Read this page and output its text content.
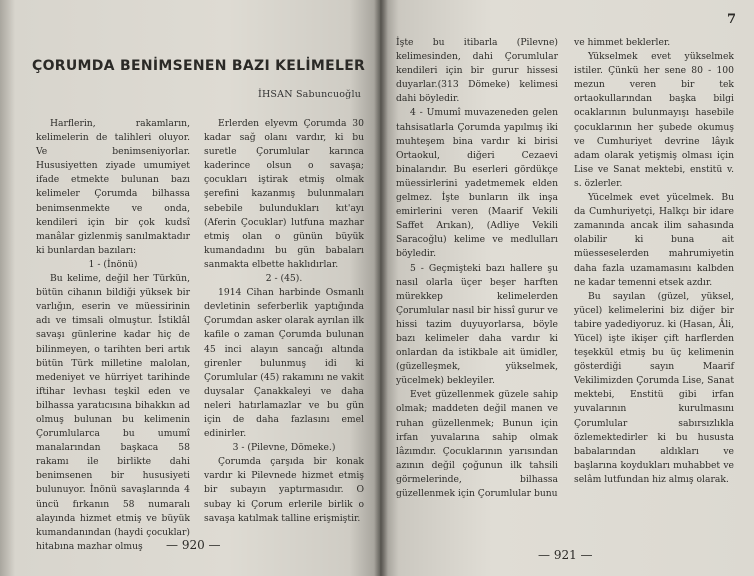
ÇORUMDA BENİMSENEN BAZI KELİMELER
İHSAN Sabuncuoğlu

Harflerin, rakamların, kelimelerin de talihleri oluyor. Ve benimseniyorlar. Hususiyetten ziyade umumiyet ifade etmekte bulunan bazı kelimeler Çorumda bilhassa benimsenmekte ve onda, kendileri için bir çok kudsî manâlar gizlenmiş sanılmaktadır ki bunlardan bazıları:

1 - (İnönü)

Bu kelime, değil her Türkün, bütün cihanın bildiği yüksek bir varlığın, eserin ve müessirinin adı ve timsali olmuştur. İstiklâl savaşı günlerine kadar hiç de bilinmeyen, o tarihten beri artık bütün Türk milletine malolan, medeniyet ve hürriyet tarihinde iftihar levhası teşkil eden ve bilhassa yaratıcısına bihakkın ad olmuş bulunan bu kelimenin Çorumlularca bu umumî manalarından başkaca 58 rakamı ile birlikte dahi benimsenen bir hususiyeti bulunuyor. İnönü savaşlarında 4 üncü fırkanın 58 numaralı alayında hizmet etmiş ve büyük kumandanından (haydi çocuklar) hitabına mazhar olmuş

Erlerden elyevm Çorumda 30 kadar sağ olanı vardır, ki bu suretle Çorumlular karınca kaderince olsun o savaşa; çocukları iştirak etmiş olmak şerefini kazanmış bulunmaları sebebile bulundukları kıt'ayı (Aferin Çocuklar) lutfuna mazhar etmiş olan o günün büyük kumandadını bu gün babaları sanmakta elbette haklıdırlar.

2 - (45).

1914 Cihan harbinde Osmanlı devletinin seferberlik yaptığında Çorumdan asker olarak ayrılan ilk kafile o zaman Çorumda bulunan 45 inci alayın sancağı altında girenler bulunmuş idi ki Çorumlular (45) rakamını ne vakit duysalar Çanakkaleyi ve daha neleri hatırlamazlar ve bu gün için de daha fazlasını emel edinirler.

3 - (Pilevne, Dömeke.)

Çorumda çarşıda bir konak vardır ki Pilevnede hizmet etmiş bir subayın yaptırmasıdır. O subay ki Çorum erlerile birlik o savaşa katılmak talline erişmiştir.

— 920 —
7

İşte bu itibarla (Pilevne) kelimesinden, dahi Çorumlular kendileri için bir gurur hissesi duyarlar.(313 Dömeke) kelimesi dahi böyledir.

4 - Umumî muvazeneden gelen tahsisatlarla Çorumda yapılmış iki muhteşem bina vardır ki birisi Ortaokul, diğeri Cezaevi binalarıdır. Bu eserleri gördükçe müessirlerini yadetmemek elden gelmez. İşte bunların ilk inşa emirlerini veren (Maarif Vekili Saffet Arıkan), (Adliye Vekili Saracoğlu) kelime ve medlulları böyledir.

5 - Geçmişteki bazı hallere şu nasıl olarla üçer beşer harften mürekkep kelimelerden Çorumlular nasıl bir hissî gurur ve hissi tazim duyuyorlarsa, böyle bazı kelimeler daha vardır ki onlardan da istikbale ait ümidler, (güzelleşmek, yükselmek, yücelmek) bekleyiler.

Evet güzellenmek güzele sahip olmak; maddeten değil manen ve ruhan güzellenmek; Bunun için irfan yuvalarına sahip olmak lâzımdır. Çocuklarının yarısından azının değil çoğunun ilk tahsili görmelerinde, bilhassa güzellenmek için Çorumlular bunu

ve himmet beklerler.

Yükselmek evet yükselmek istiler. Çünkü her sene 80 - 100 mezun veren bir tek ortaokullarından başka bilgi ocaklarının bulunmayışı hasebile çocuklarının her şubede okumuş ve Cumhuriyet devrine lâyık adam olarak yetişmiş olması için Lise ve Sanat mektebi, enstitü v. s. özlerler.

Yücelmek evet yücelmek. Bu da Cumhuriyetçi, Halkçı bir idare zamanında ancak ilim sahasında olabilir ki buna ait müesseselerden mahrumiyetin daha fazla uzamamasını kalbden ne kadar temenni etsek azdır.

Bu sayılan (güzel, yüksel, yücel) kelimelerini biz diğer bir tabire yadediyoruz. ki (Hasan, Âli, Yücel) işte ikişer çift harflerden teşekkül etmiş bu üç kelimenin gösterdiği sayın Maarif Vekilimizden Çorumda Lise, Sanat mektebi, Enstitü gibi irfan yuvalarının kurulmasını Çorumlular sabırsızlıkla özlemektedirler ki bu hususta babalarından aldıkları ve başlarına koydukları muhabbet ve selâm lutfundan hiz almış olarak.

— 921 —
